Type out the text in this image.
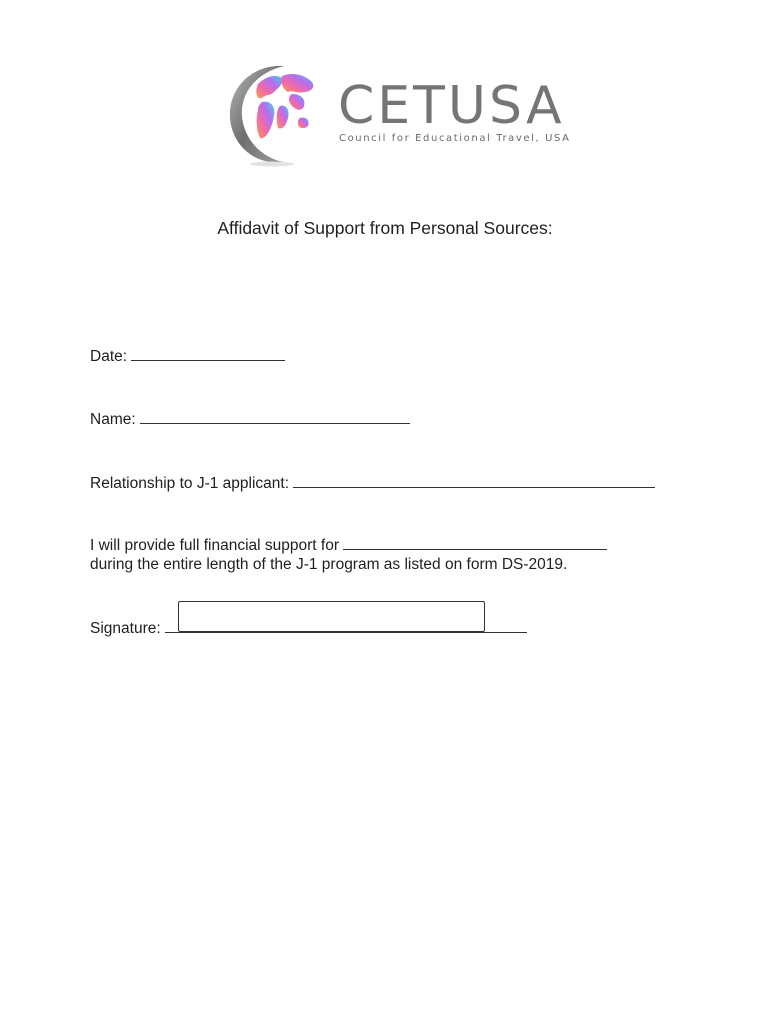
CETUSA
Council for Educational Travel, USA
Affidavit of Support from Personal Sources:
Date:
Name:
Relationship to J-1 applicant:
I will provide full financial support for
during the entire length of the J-1 program as listed on form DS-2019.
Signature:
